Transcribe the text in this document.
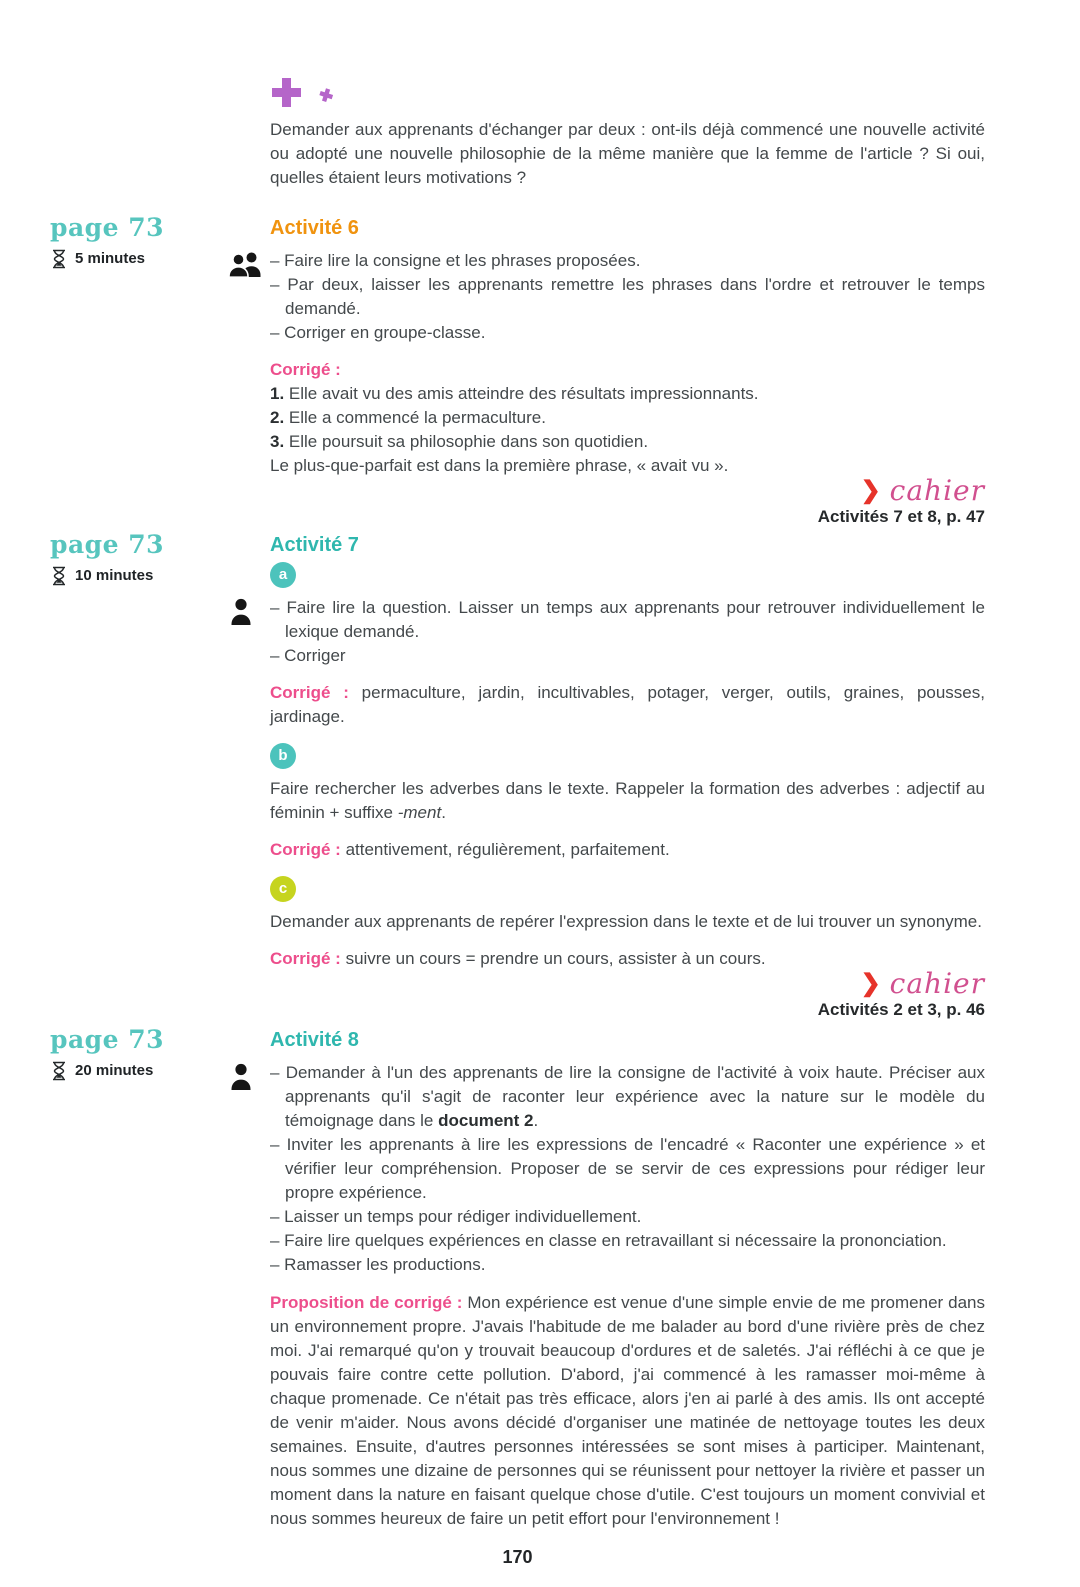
Demander aux apprenants d'échanger par deux : ont-ils déjà commencé une nouvelle activité ou adopté une nouvelle philosophie de la même manière que la femme de l'article ? Si oui, quelles étaient leurs motivations ?

page 73
5 minutes
Activité 6

– Faire lire la consigne et les phrases proposées.

– Par deux, laisser les apprenants remettre les phrases dans l'ordre et retrouver le temps demandé.

– Corriger en groupe-classe.

Corrigé :

1. Elle avait vu des amis atteindre des résultats impressionnants.

2. Elle a commencé la permaculture.

3. Elle poursuit sa philosophie dans son quotidien.

Le plus-que-parfait est dans la première phrase, « avait vu ».

❯ cahier
Activités 7 et 8, p. 47
page 73
10 minutes
Activité 7
a

– Faire lire la question. Laisser un temps aux apprenants pour retrouver individuellement le lexique demandé.

– Corriger

Corrigé : permaculture, jardin, incultivables, potager, verger, outils, graines, pousses, jardinage.

b

Faire rechercher les adverbes dans le texte. Rappeler la formation des adverbes : adjectif au féminin + suffixe -ment.

Corrigé : attentivement, régulièrement, parfaitement.

c

Demander aux apprenants de repérer l'expression dans le texte et de lui trouver un synonyme.

Corrigé : suivre un cours = prendre un cours, assister à un cours.

❯ cahier
Activités 2 et 3, p. 46
page 73
20 minutes
Activité 8

– Demander à l'un des apprenants de lire la consigne de l'activité à voix haute. Préciser aux apprenants qu'il s'agit de raconter leur expérience avec la nature sur le modèle du témoignage dans le document 2.

– Inviter les apprenants à lire les expressions de l'encadré « Raconter une expérience » et vérifier leur compréhension. Proposer de se servir de ces expressions pour rédiger leur propre expérience.

– Laisser un temps pour rédiger individuellement.

– Faire lire quelques expériences en classe en retravaillant si nécessaire la prononciation.

– Ramasser les productions.

Proposition de corrigé : Mon expérience est venue d'une simple envie de me promener dans un environnement propre. J'avais l'habitude de me balader au bord d'une rivière près de chez moi. J'ai remarqué qu'on y trouvait beaucoup d'ordures et de saletés. J'ai réfléchi à ce que je pouvais faire contre cette pollution. D'abord, j'ai commencé à les ramasser moi-même à chaque promenade. Ce n'était pas très efficace, alors j'en ai parlé à des amis. Ils ont accepté de venir m'aider. Nous avons décidé d'organiser une matinée de nettoyage toutes les deux semaines. Ensuite, d'autres personnes intéressées se sont mises à participer. Maintenant, nous sommes une dizaine de personnes qui se réunissent pour nettoyer la rivière et passer un moment dans la nature en faisant quelque chose d'utile. C'est toujours un moment convivial et nous sommes heureux de faire un petit effort pour l'environnement !

170
